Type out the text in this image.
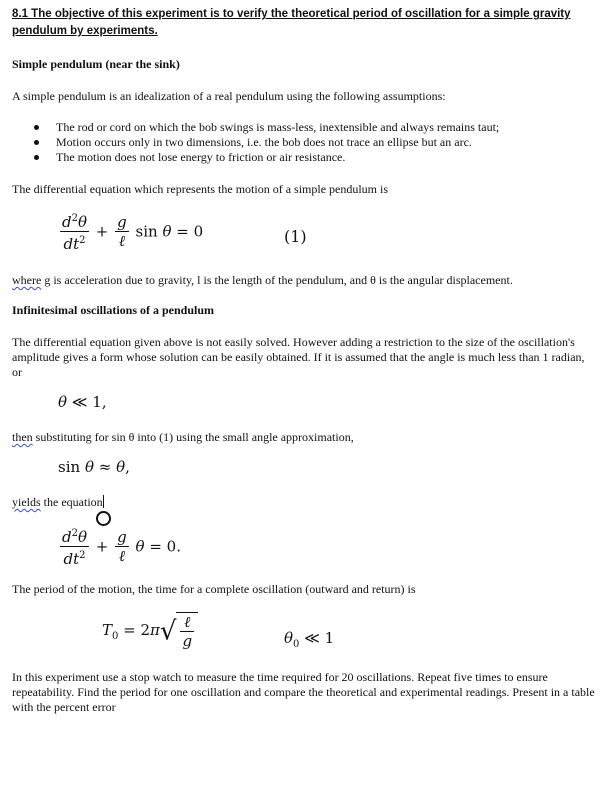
8.1 The objective of this experiment is to verify the theoretical period of oscillation for a simple gravity pendulum by experiments.
Simple pendulum (near the sink)
A simple pendulum is an idealization of a real pendulum using the following assumptions:
The rod or cord on which the bob swings is mass-less, inextensible and always remains taut;
Motion occurs only in two dimensions, i.e. the bob does not trace an ellipse but an arc.
The motion does not lose energy to friction or air resistance.
The differential equation which represents the motion of a simple pendulum is
$\frac{d^2\theta}{dt^2} + \frac{g}{\text{ℓ}}$ sin θ = 0	(1)
where g is acceleration due to gravity, l is the length of the pendulum, and θ is the angular displacement.
Infinitesimal oscillations of a pendulum
The differential equation given above is not easily solved. However adding a restriction to the size of the oscillation's amplitude gives a form whose solution can be easily obtained. If it is assumed that the angle is much less than 1 radian, or
θ ≪ 1,
then substituting for sin θ into (1) using the small angle approximation,
sin θ ≈ θ,
yields the equation
$\frac{d^2\theta}{dt^2} + \frac{g}{\text{ℓ}}$ θ = 0.
The period of the motion, the time for a complete oscillation (outward and return) is
$T_0 = 2\pi√ \frac{\text{ℓ}}{g}$	$\theta_0$ ≪ 1
In this experiment use a stop watch to measure the time required for 20 oscillations. Repeat five times to ensure repeatability. Find the period for one oscillation and compare the theoretical and experimental readings. Present in a table with the percent error
